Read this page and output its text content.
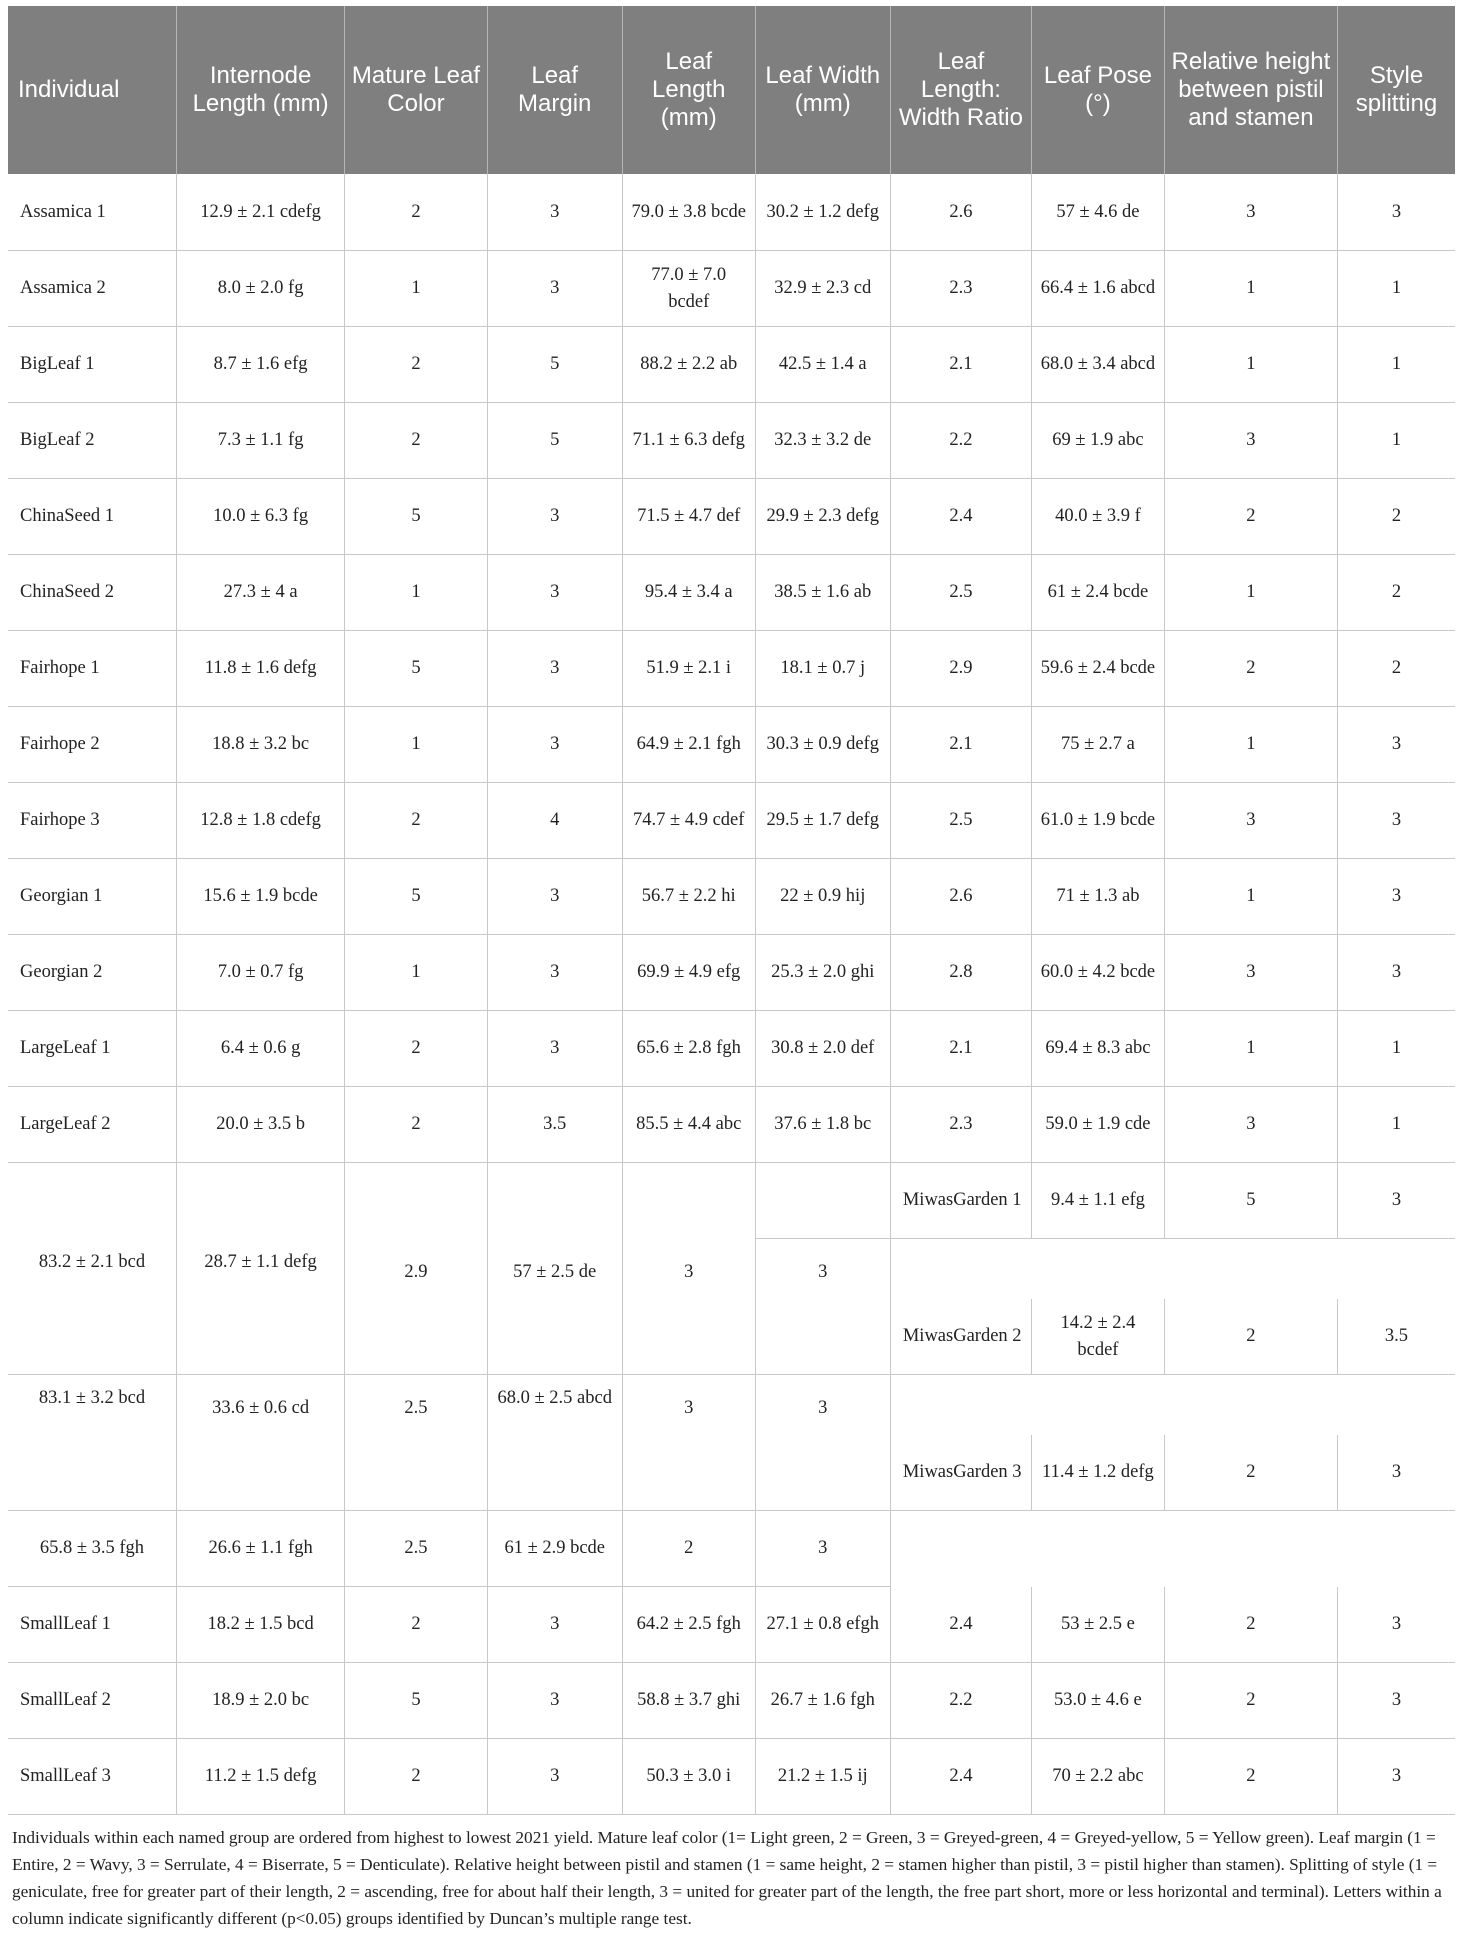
Individual	Internode Length (mm)	Mature Leaf Color	Leaf Margin	Leaf Length (mm)	Leaf Width (mm)	Leaf Length: Width Ratio	Leaf Pose (°)	Relative height between pistil and stamen	Style splitting
Assamica 1	12.9 ± 2.1 cdefg	2	3	79.0 ± 3.8 bcde	30.2 ± 1.2 defg	2.6	57 ± 4.6 de	3	3
Assamica 2	8.0 ± 2.0 fg	1	3	77.0 ± 7.0 bcdef	32.9 ± 2.3 cd	2.3	66.4 ± 1.6 abcd	1	1
BigLeaf 1	8.7 ± 1.6 efg	2	5	88.2 ± 2.2 ab	42.5 ± 1.4 a	2.1	68.0 ± 3.4 abcd	1	1
BigLeaf 2	7.3 ± 1.1 fg	2	5	71.1 ± 6.3 defg	32.3 ± 3.2 de	2.2	69 ± 1.9 abc	3	1
ChinaSeed 1	10.0 ± 6.3 fg	5	3	71.5 ± 4.7 def	29.9 ± 2.3 defg	2.4	40.0 ± 3.9 f	2	2
ChinaSeed 2	27.3 ± 4 a	1	3	95.4 ± 3.4 a	38.5 ± 1.6 ab	2.5	61 ± 2.4 bcde	1	2
Fairhope 1	11.8 ± 1.6 defg	5	3	51.9 ± 2.1 i	18.1 ± 0.7 j	2.9	59.6 ± 2.4 bcde	2	2
Fairhope 2	18.8 ± 3.2 bc	1	3	64.9 ± 2.1 fgh	30.3 ± 0.9 defg	2.1	75 ± 2.7 a	1	3
Fairhope 3	12.8 ± 1.8 cdefg	2	4	74.7 ± 4.9 cdef	29.5 ± 1.7 defg	2.5	61.0 ± 1.9 bcde	3	3
Georgian 1	15.6 ± 1.9 bcde	5	3	56.7 ± 2.2 hi	22 ± 0.9 hij	2.6	71 ± 1.3 ab	1	3
Georgian 2	7.0 ± 0.7 fg	1	3	69.9 ± 4.9 efg	25.3 ± 2.0 ghi	2.8	60.0 ± 4.2 bcde	3	3
LargeLeaf 1	6.4 ± 0.6 g	2	3	65.6 ± 2.8 fgh	30.8 ± 2.0 def	2.1	69.4 ± 8.3 abc	1	1
LargeLeaf 2	20.0 ± 3.5 b	2	3.5	85.5 ± 4.4 abc	37.6 ± 1.8 bc	2.3	59.0 ± 1.9 cde	3	1
						MiwasGarden 1	9.4 ± 1.1 efg	5	3
83.2 ± 2.1 bcd	28.7 ± 1.1 defg	2.9	57 ± 2.5 de	3	3				
						MiwasGarden 2	14.2 ± 2.4 bcdef	2	3.5
83.1 ± 3.2 bcd	33.6 ± 0.6 cd	2.5	68.0 ± 2.5 abcd	3	3				
						MiwasGarden 3	11.4 ± 1.2 defg	2	3
65.8 ± 3.5 fgh	26.6 ± 1.1 fgh	2.5	61 ± 2.9 bcde	2	3				
SmallLeaf 1	18.2 ± 1.5 bcd	2	3	64.2 ± 2.5 fgh	27.1 ± 0.8 efgh	2.4	53 ± 2.5 e	2	3
SmallLeaf 2	18.9 ± 2.0 bc	5	3	58.8 ± 3.7 ghi	26.7 ± 1.6 fgh	2.2	53.0 ± 4.6 e	2	3
SmallLeaf 3	11.2 ± 1.5 defg	2	3	50.3 ± 3.0 i	21.2 ± 1.5 ij	2.4	70 ± 2.2 abc	2	3
Individuals within each named group are ordered from highest to lowest 2021 yield. Mature leaf color (1= Light green, 2 = Green, 3 = Greyed-green, 4 = Greyed-yellow, 5 = Yellow green). Leaf margin (1 = Entire, 2 = Wavy, 3 = Serrulate, 4 = Biserrate, 5 = Denticulate). Relative height between pistil and stamen (1 = same height, 2 = stamen higher than pistil, 3 = pistil higher than stamen). Splitting of style (1 = geniculate, free for greater part of their length, 2 = ascending, free for about half their length, 3 = united for greater part of the length, the free part short, more or less horizontal and terminal). Letters within a column indicate significantly different (p<0.05) groups identified by Duncan’s multiple range test.
